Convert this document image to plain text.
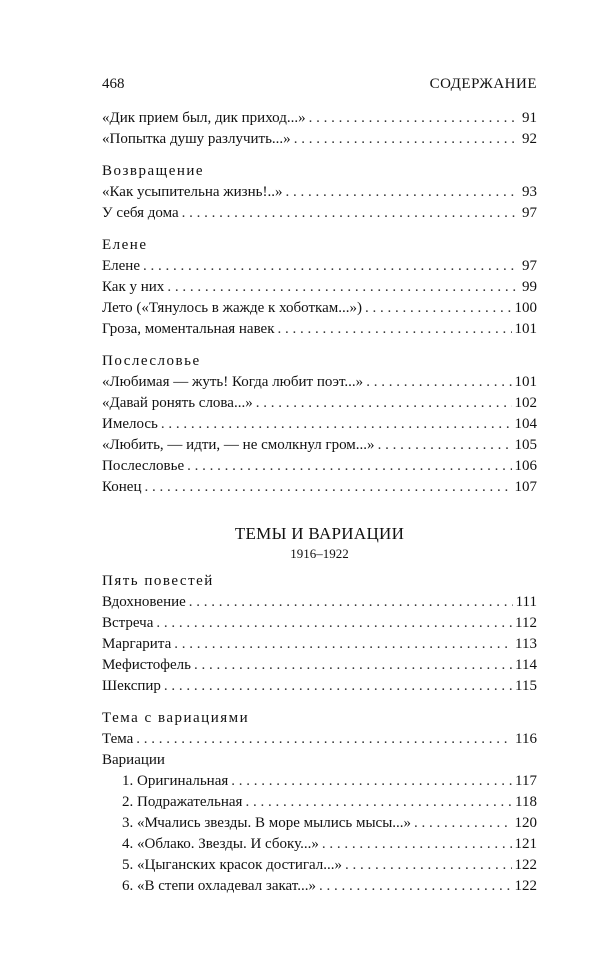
468	СОДЕРЖАНИЕ
«Дик прием был, дик приход...» . . .	91
«Попытка душу разлучить...» . . .	92
Возвращение
«Как усыпительна жизнь!..» . . .	93
У себя дома . . .	97
Елене
Елене . . .	97
Как у них . . .	99
Лето («Тянулось в жажде к хоботкам...») . . .	100
Гроза, моментальная навек . . .	101
Послесловье
«Любимая — жуть! Когда любит поэт...» . . .	101
«Давай ронять слова...» . . .	102
Имелось . . .	104
«Любить, — идти, — не смолкнул гром...» . . .	105
Послесловье . . .	106
Конец . . .	107
ТЕМЫ И ВАРИАЦИИ
1916–1922
Пять повестей
Вдохновение . . .	111
Встреча . . .	112
Маргарита . . .	113
Мефистофель . . .	114
Шекспир . . .	115
Тема с вариациями
Тема . . .	116
Вариации
1. Оригинальная . . .	117
2. Подражательная . . .	118
3. «Мчались звезды. В море мылись мысы...» . . .	120
4. «Облако. Звезды. И сбоку...» . . .	121
5. «Цыганских красок достигал...» . . .	122
6. «В степи охладевал закат...» . . .	122
